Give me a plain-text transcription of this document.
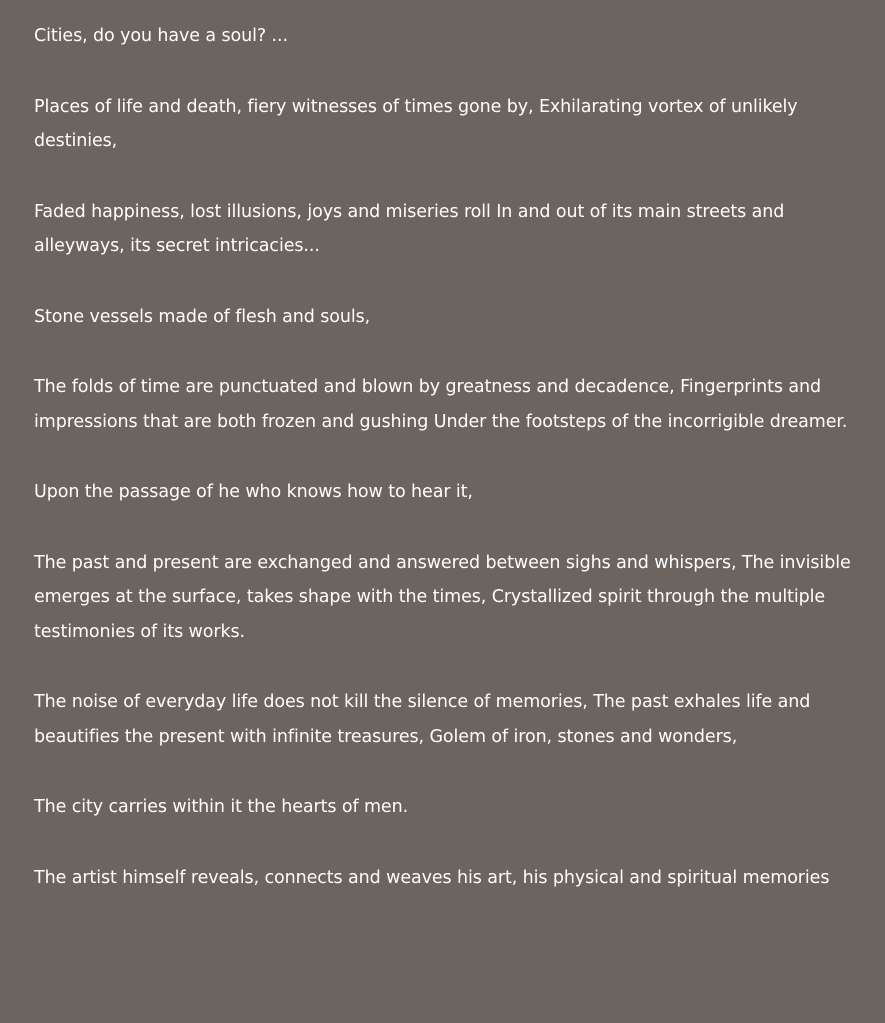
Cities, do you have a soul? ...

Places of life and death, fiery witnesses of times gone by, Exhilarating vortex of unlikely destinies,

Faded happiness, lost illusions, joys and miseries roll In and out of its main streets and alleyways, its secret intricacies...

Stone vessels made of flesh and souls,

The folds of time are punctuated and blown by greatness and decadence, Fingerprints and impressions that are both frozen and gushing Under the footsteps of the incorrigible dreamer.

Upon the passage of he who knows how to hear it,

The past and present are exchanged and answered between sighs and whispers, The invisible emerges at the surface, takes shape with the times, Crystallized spirit through the multiple testimonies of its works.

The noise of everyday life does not kill the silence of memories, The past exhales life and beautifies the present with infinite treasures, Golem of iron, stones and wonders,

The city carries within it the hearts of men.

The artist himself reveals, connects and weaves his art, his physical and spiritual memories
